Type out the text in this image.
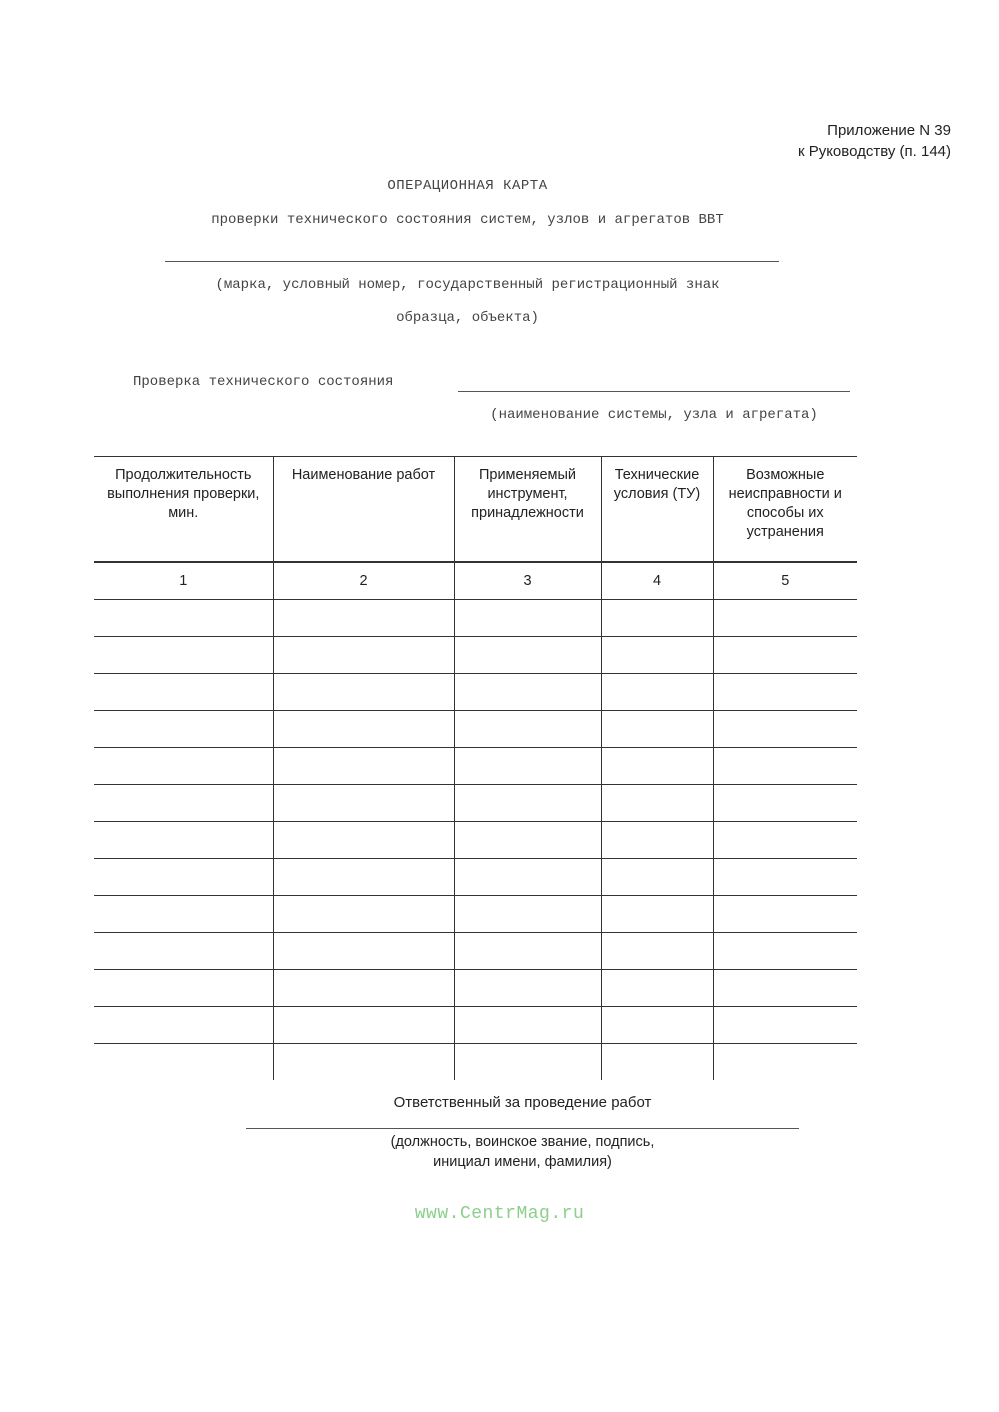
Приложение N 39
к Руководству (п. 144)
ОПЕРАЦИОННАЯ КАРТА
проверки технического состояния систем, узлов и агрегатов ВВТ
(марка, условный номер, государственный регистрационный знак
образца, объекта)
Проверка технического состояния
(наименование системы, узла и агрегата)
Продолжительность выполнения проверки, мин.	Наименование работ	Применяемый инструмент, принадлежности	Технические условия (ТУ)	Возможные неисправности и способы их устранения
1	2	3	4	5

Ответственный за проведение работ
(должность, воинское звание, подпись,
инициал имени, фамилия)
www.CentrMag.ru
